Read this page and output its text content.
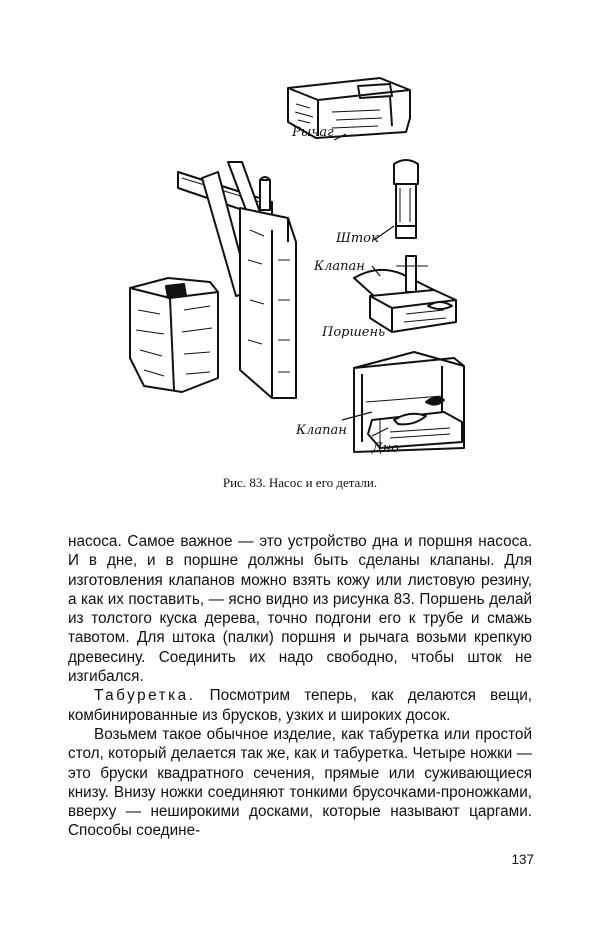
Рычаг
Шток
Клапан
Поршень
Клапан
Дно
Рис. 83. Насос и его детали.

насоса. Самое важное — это устройство дна и поршня насоса. И в дне, и в поршне должны быть сделаны клапаны. Для изготовления клапанов можно взять кожу или листовую резину, а как их поставить, — ясно видно из рисунка 83. Поршень делай из толстого куска дерева, точно подгони его к трубе и смажь тавотом. Для штока (палки) поршня и рычага возьми крепкую древесину. Соединить их надо свободно, чтобы шток не изгибался.

Табуретка. Посмотрим теперь, как делаются вещи, комбинированные из брусков, узких и широких досок.

Возьмем такое обычное изделие, как табуретка или простой стол, который делается так же, как и табуретка. Четыре ножки — это бруски квадратного сечения, прямые или суживающиеся книзу. Внизу ножки соединяют тонкими брусочками-проножками, вверху — неширокими досками, которые называют царгами. Способы соедине-

137
